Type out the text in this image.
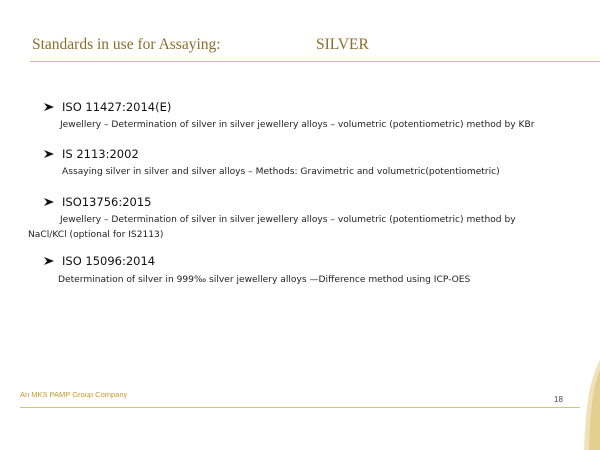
Standards in use for Assaying:	SILVER
ISO 11427:2014(E)
Jewellery – Determination of silver in silver jewellery alloys – volumetric (potentiometric) method by KBr
IS 2113:2002
Assaying silver in silver and silver alloys – Methods: Gravimetric and volumetric(potentiometric)
ISO13756:2015
Jewellery – Determination of silver in silver jewellery alloys – volumetric (potentiometric) method by
NaCl/KCl (optional for IS2113)
ISO 15096:2014
Determination of silver in 999‰ silver jewellery alloys —Difference method using ICP-OES

An MKS PAMP Group Company

18
